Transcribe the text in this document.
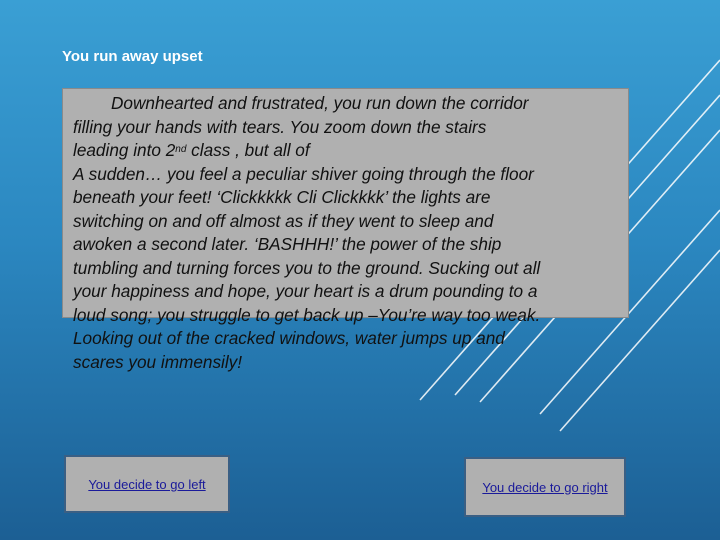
You run away upset

Downhearted and frustrated, you run down the corridor
filling your hands with tears. You zoom down the stairs
leading into 2nd class , but all of
A sudden… you feel a peculiar shiver going through the floor
beneath your feet! ‘Clickkkkk Cli Clickkkk’ the lights are
switching on and off almost as if they went to sleep and
awoken a second later. ‘BASHHH!’ the power of the ship
tumbling and turning forces you to the ground. Sucking out all
your happiness and hope, your heart is a drum pounding to a
loud song; you struggle to get back up –You’re way too weak.
Looking out of the cracked windows, water jumps up and
scares you immensily!

You decide to go left	You decide to go right
